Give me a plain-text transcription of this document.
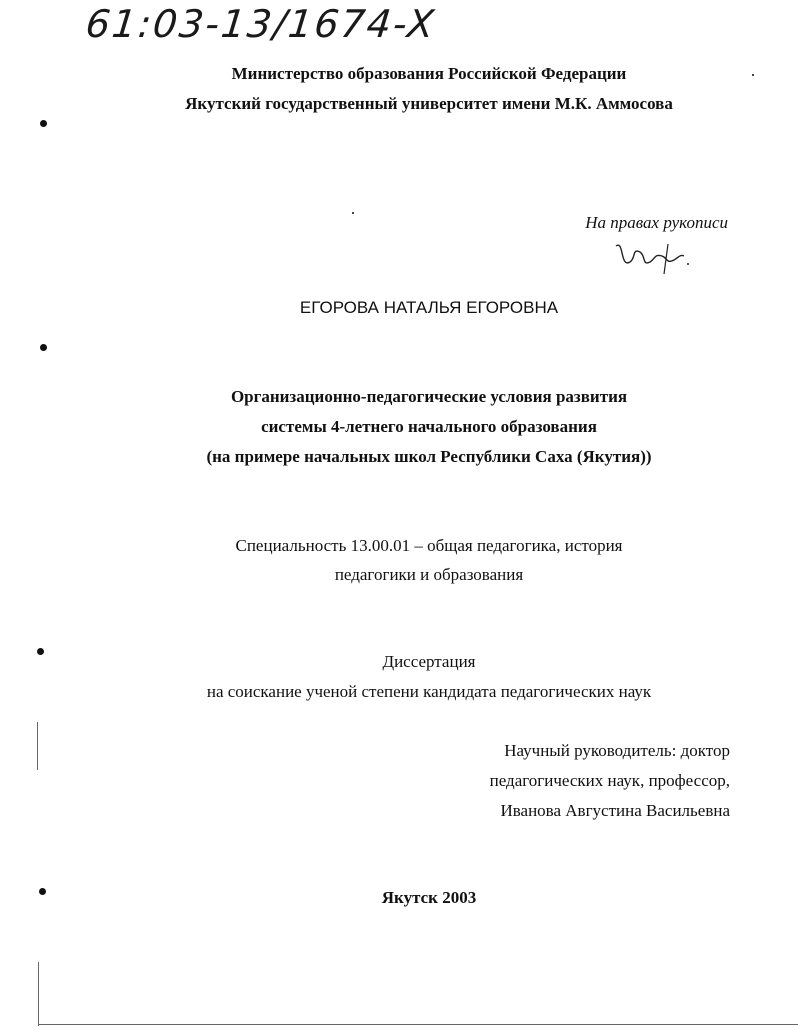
61:03-13/1674-X
Министерство образования Российской Федерации
Якутский государственный университет имени М.К. Аммосова
На правах рукописи
ЕГОРОВА НАТАЛЬЯ ЕГОРОВНА
Организационно-педагогические условия развития
системы 4-летнего начального образования
(на примере начальных школ Республики Саха (Якутия))
Специальность 13.00.01 – общая педагогика, история
педагогики и образования
Диссертация
на соискание ученой степени кандидата педагогических наук
Научный руководитель: доктор
педагогических наук, профессор,
Иванова Августина Васильевна
Якутск 2003
